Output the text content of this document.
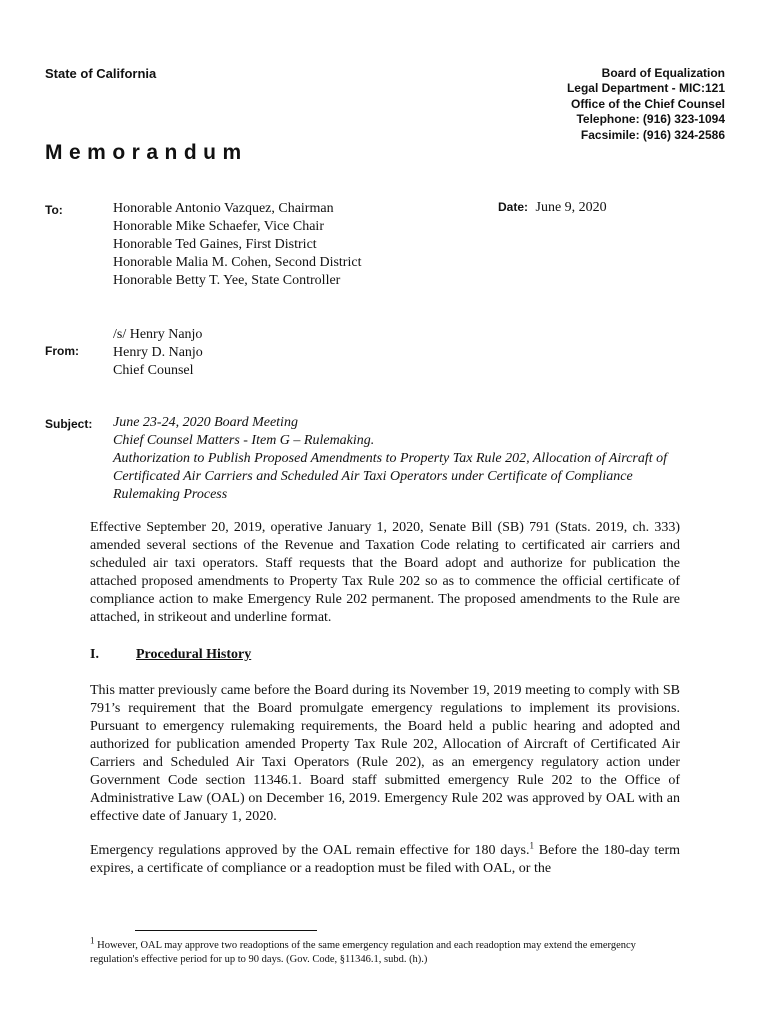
State of California	Board of Equalization
Legal Department - MIC:121
Office of the Chief Counsel
Telephone: (916) 323-1094
Facsimile: (916) 324-2586
Memorandum
To:	Honorable Antonio Vazquez, Chairman
Honorable Mike Schaefer, Vice Chair
Honorable Ted Gaines, First District
Honorable Malia M. Cohen, Second District
Honorable Betty T. Yee, State Controller
Date: June 9, 2020
From:
/s/ Henry Nanjo
Henry D. Nanjo
Chief Counsel
Subject: June 23-24, 2020 Board Meeting
Chief Counsel Matters - Item G – Rulemaking.
Authorization to Publish Proposed Amendments to Property Tax Rule 202, Allocation of Aircraft of Certificated Air Carriers and Scheduled Air Taxi Operators under Certificate of Compliance Rulemaking Process

Effective September 20, 2019, operative January 1, 2020, Senate Bill (SB) 791 (Stats. 2019, ch. 333) amended several sections of the Revenue and Taxation Code relating to certificated air carriers and scheduled air taxi operators. Staff requests that the Board adopt and authorize for publication the attached proposed amendments to Property Tax Rule 202 so as to commence the official certificate of compliance action to make Emergency Rule 202 permanent. The proposed amendments to the Rule are attached, in strikeout and underline format.

I.	Procedural History

This matter previously came before the Board during its November 19, 2019 meeting to comply with SB 791’s requirement that the Board promulgate emergency regulations to implement its provisions. Pursuant to emergency rulemaking requirements, the Board held a public hearing and adopted and authorized for publication amended Property Tax Rule 202, Allocation of Aircraft of Certificated Air Carriers and Scheduled Air Taxi Operators (Rule 202), as an emergency regulatory action under Government Code section 11346.1. Board staff submitted emergency Rule 202 to the Office of Administrative Law (OAL) on December 16, 2019. Emergency Rule 202 was approved by OAL with an effective date of January 1, 2020.

Emergency regulations approved by the OAL remain effective for 180 days.$^1$ Before the 180-day term expires, a certificate of compliance or a readoption must be filed with OAL, or the

$^1$ However, OAL may approve two readoptions of the same emergency regulation and each readoption may extend the emergency regulation's effective period for up to 90 days. (Gov. Code, §11346.1, subd. (h).)
